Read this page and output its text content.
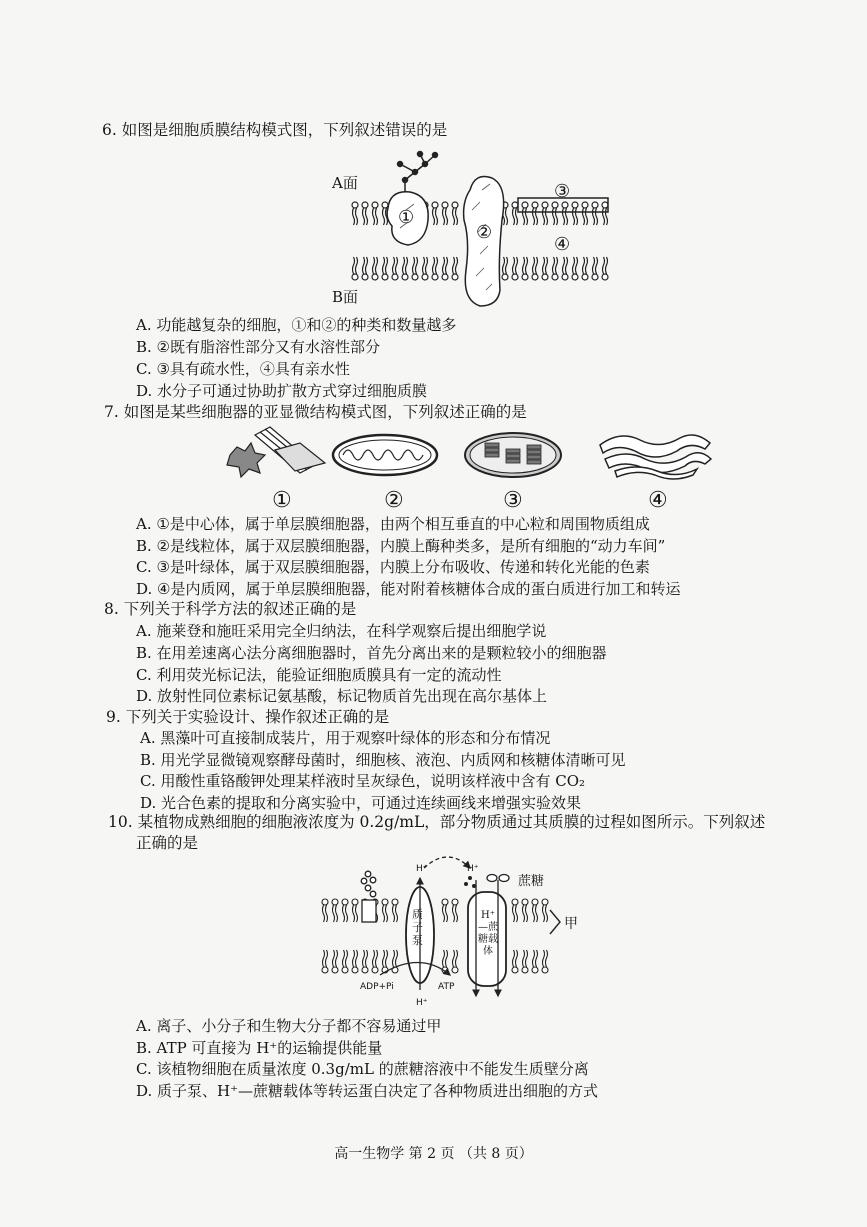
6. 如图是细胞质膜结构模式图，下列叙述错误的是
A面
B面
①
②
③
④
A. 功能越复杂的细胞，①和②的种类和数量越多
B. ②既有脂溶性部分又有水溶性部分
C. ③具有疏水性，④具有亲水性
D. 水分子可通过协助扩散方式穿过细胞质膜
7. 如图是某些细胞器的亚显微结构模式图，下列叙述正确的是
①	②	③	④
A. ①是中心体，属于单层膜细胞器，由两个相互垂直的中心粒和周围物质组成
B. ②是线粒体，属于双层膜细胞器，内膜上酶种类多，是所有细胞的“动力车间”
C. ③是叶绿体，属于双层膜细胞器，内膜上分布吸收、传递和转化光能的色素
D. ④是内质网，属于单层膜细胞器，能对附着核糖体合成的蛋白质进行加工和转运
8. 下列关于科学方法的叙述正确的是
A. 施莱登和施旺采用完全归纳法，在科学观察后提出细胞学说
B. 在用差速离心法分离细胞器时，首先分离出来的是颗粒较小的细胞器
C. 利用荧光标记法，能验证细胞质膜具有一定的流动性
D. 放射性同位素标记氨基酸，标记物质首先出现在高尔基体上
9. 下列关于实验设计、操作叙述正确的是
A. 黑藻叶可直接制成装片，用于观察叶绿体的形态和分布情况
B. 用光学显微镜观察酵母菌时，细胞核、液泡、内质网和核糖体清晰可见
C. 用酸性重铬酸钾处理某样液时呈灰绿色，说明该样液中含有 CO₂
D. 光合色素的提取和分离实验中，可通过连续画线来增强实验效果
10. 某植物成熟细胞的细胞液浓度为 0.2g/mL，部分物质通过其质膜的过程如图所示。下列叙述
正确的是
H⁺	H⁺
蔗糖
质子泵
H⁺—蔗糖载体
甲
ADP+Pi	ATP
H⁺
A. 离子、小分子和生物大分子都不容易通过甲
B. ATP 可直接为 H⁺的运输提供能量
C. 该植物细胞在质量浓度 0.3g/mL 的蔗糖溶液中不能发生质壁分离
D. 质子泵、H⁺—蔗糖载体等转运蛋白决定了各种物质进出细胞的方式
高一生物学 第 2 页 （共 8 页）
